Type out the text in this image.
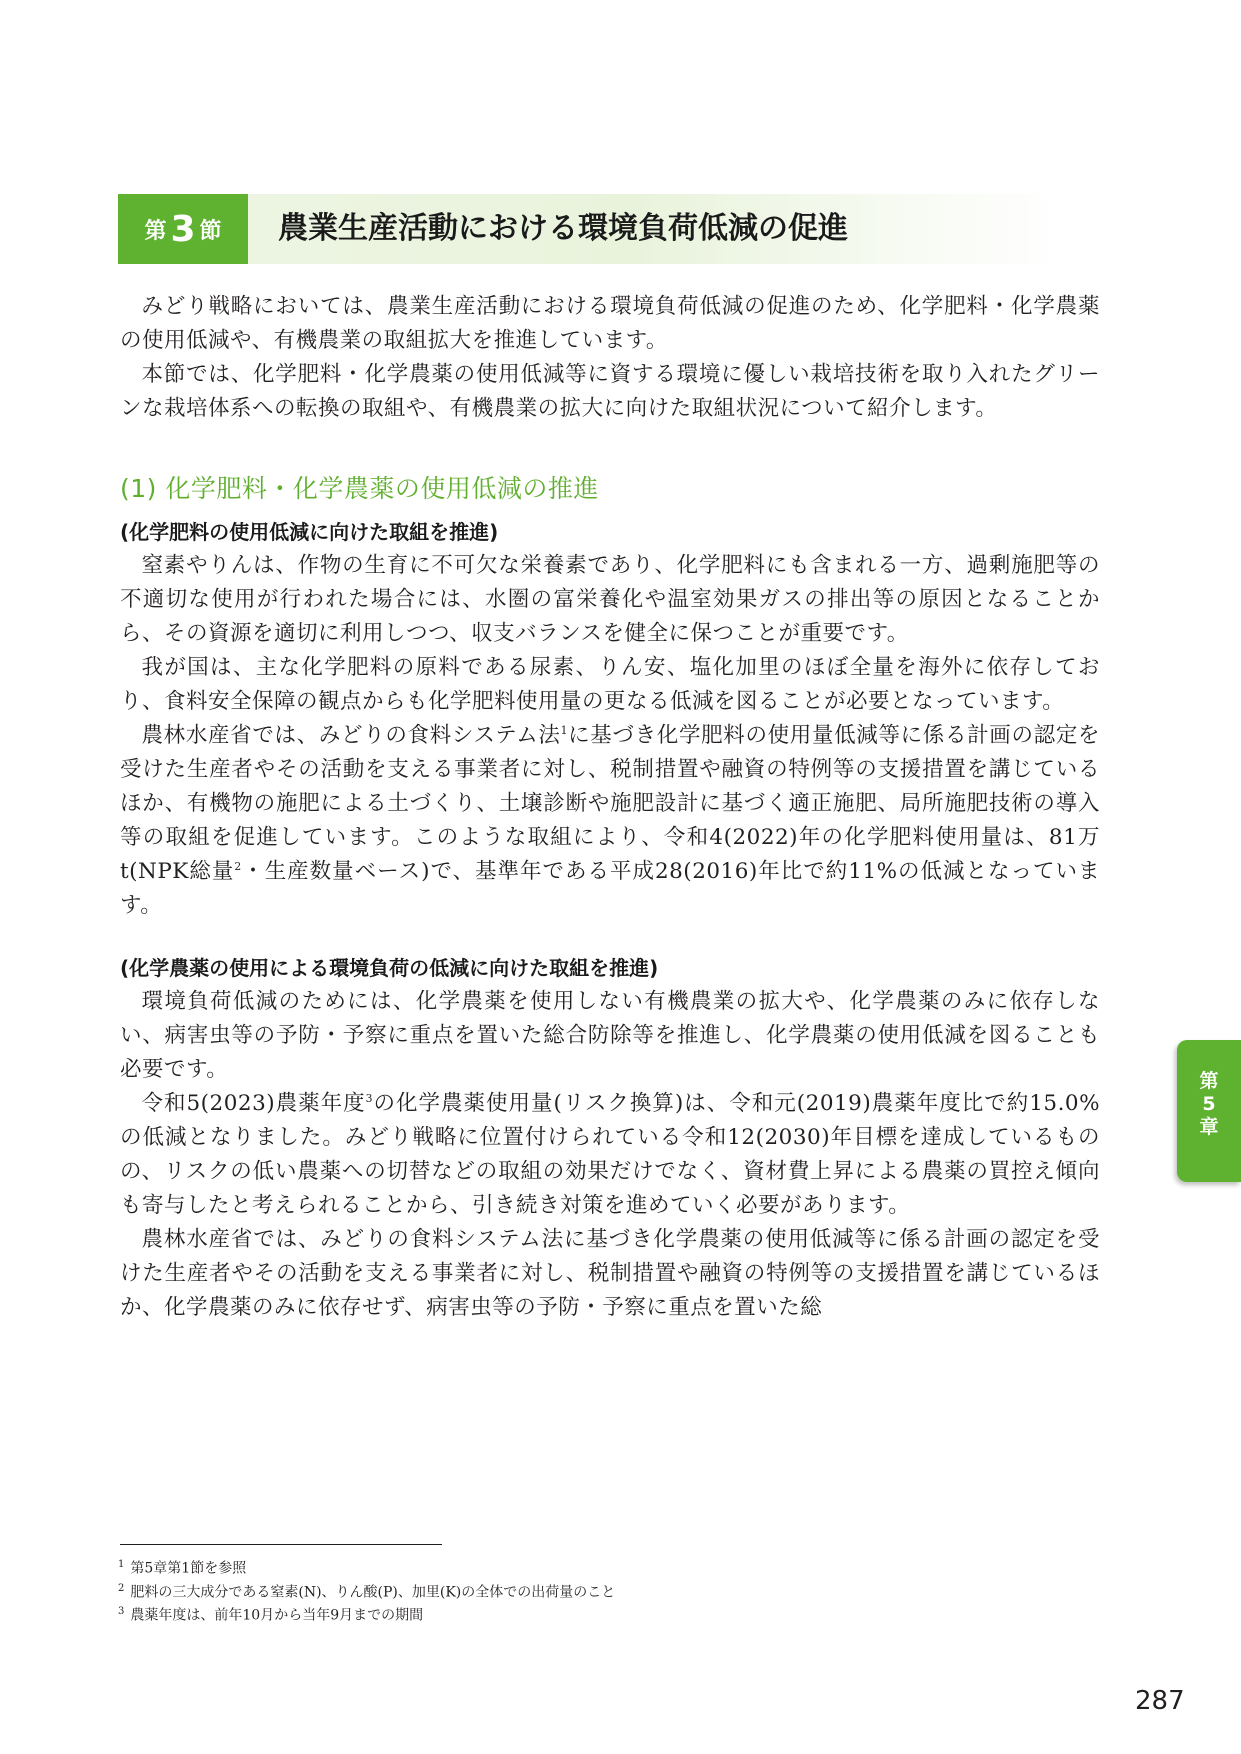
第 3 節 農業生産活動における環境負荷低減の促進

みどり戦略においては、農業生産活動における環境負荷低減の促進のため、化学肥料・化学農薬の使用低減や、有機農業の取組拡大を推進しています。

本節では、化学肥料・化学農薬の使用低減等に資する環境に優しい栽培技術を取り入れたグリーンな栽培体系への転換の取組や、有機農業の拡大に向けた取組状況について紹介します。

(1) 化学肥料・化学農薬の使用低減の推進
(化学肥料の使用低減に向けた取組を推進)

窒素やりんは、作物の生育に不可欠な栄養素であり、化学肥料にも含まれる一方、過剰施肥等の不適切な使用が行われた場合には、水圏の富栄養化や温室効果ガスの排出等の原因となることから、その資源を適切に利用しつつ、収支バランスを健全に保つことが重要です。

我が国は、主な化学肥料の原料である尿素、りん安、塩化加里のほぼ全量を海外に依存しており、食料安全保障の観点からも化学肥料使用量の更なる低減を図ることが必要となっています。

農林水産省では、みどりの食料システム法$^1$に基づき化学肥料の使用量低減等に係る計画の認定を受けた生産者やその活動を支える事業者に対し、税制措置や融資の特例等の支援措置を講じているほか、有機物の施肥による土づくり、土壌診断や施肥設計に基づく適正施肥、局所施肥技術の導入等の取組を促進しています。このような取組により、令和4(2022)年の化学肥料使用量は、81万t(NPK総量$^2$・生産数量ベース)で、基準年である平成28(2016)年比で約11%の低減となっています。

(化学農薬の使用による環境負荷の低減に向けた取組を推進)

環境負荷低減のためには、化学農薬を使用しない有機農業の拡大や、化学農薬のみに依存しない、病害虫等の予防・予察に重点を置いた総合防除等を推進し、化学農薬の使用低減を図ることも必要です。

令和5(2023)農薬年度$^3$の化学農薬使用量(リスク換算)は、令和元(2019)農薬年度比で約15.0%の低減となりました。みどり戦略に位置付けられている令和12(2030)年目標を達成しているものの、リスクの低い農薬への切替などの取組の効果だけでなく、資材費上昇による農薬の買控え傾向も寄与したと考えられることから、引き続き対策を進めていく必要があります。

農林水産省では、みどりの食料システム法に基づき化学農薬の使用低減等に係る計画の認定を受けた生産者やその活動を支える事業者に対し、税制措置や融資の特例等の支援措置を講じているほか、化学農薬のみに依存せず、病害虫等の予防・予察に重点を置いた総

$^1$ 第5章第1節を参照

$^2$ 肥料の三大成分である窒素(N)、りん酸(P)、加里(K)の全体での出荷量のこと

$^3$ 農薬年度は、前年10月から当年9月までの期間

第
5
章
287
